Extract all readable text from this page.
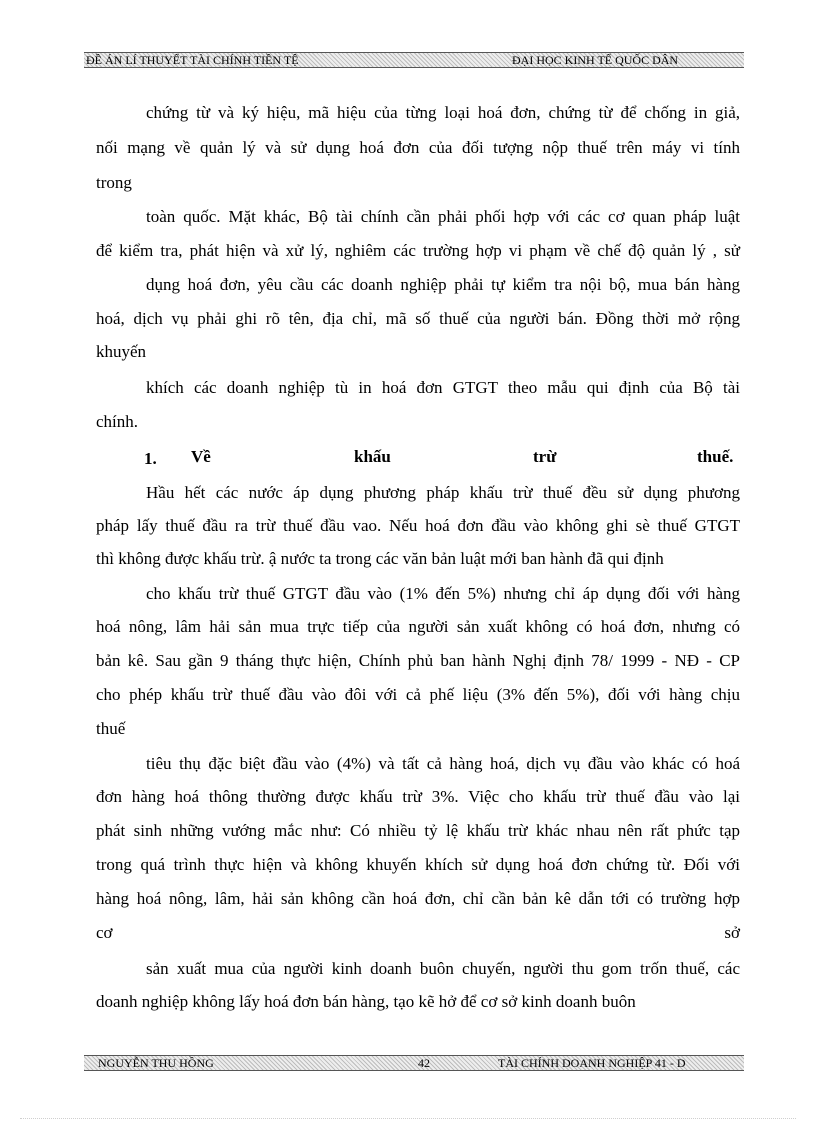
ĐỀ ÁN LÍ THUYẾT TÀI CHÍNH TIỀN TỆ	ĐẠI HỌC KINH TẾ QUỐC DÂN
chứng từ và ký hiệu, mã hiệu của từng loại hoá đơn, chứng từ để chống in giả,
nối mạng về quản lý và sử dụng hoá đơn của đối tượng nộp thuế trên máy vi tính
trong
toàn quốc. Mặt khác, Bộ tài chính cần phải phối hợp với các cơ quan pháp luật
để kiểm tra, phát hiện và xử lý, nghiêm các trường hợp vi phạm về chế độ quản lý , sử
dụng hoá đơn, yêu cầu các doanh nghiệp phải tự kiểm tra nội bộ, mua bán hàng
hoá, dịch vụ phải ghi rõ tên, địa chỉ, mã số thuế của người bán. Đồng thời mở rộng
khuyến
khích các doanh nghiệp tù in hoá đơn GTGT theo mẫu qui định của Bộ tài
chính.
1. Về	khấu	trừ	thuế.
Hầu hết các nước áp dụng phương pháp khấu trừ thuế đều sử dụng phương
pháp lấy thuế đầu ra trừ thuế đầu vao. Nếu hoá đơn đầu vào không ghi sè thuế GTGT
thì không được khấu trừ. ậ nước ta trong các văn bản luật mới ban hành đã qui định
cho khấu trừ thuế GTGT đầu vào (1% đến 5%) nhưng chỉ áp dụng đối với hàng
hoá nông, lâm hải sản mua trực tiếp của người sản xuất không có hoá đơn, nhưng có
bản kê. Sau gần 9 tháng thực hiện, Chính phủ ban hành Nghị định 78/ 1999 - NĐ - CP
cho phép khấu trừ thuế đầu vào đôi với cả phế liệu (3% đến 5%), đối với hàng chịu
thuế
tiêu thụ đặc biệt đầu vào (4%) và tất cả hàng hoá, dịch vụ đầu vào khác có hoá
đơn hàng hoá thông thường được khấu trừ 3%. Việc cho khấu trừ thuế đầu vào lại
phát sinh những vướng mắc như: Có nhiều tỷ lệ khấu trừ khác nhau nên rất phức tạp
trong quá trình thực hiện và không khuyến khích sử dụng hoá đơn chứng từ. Đối với
hàng hoá nông, lâm, hải sản không cần hoá đơn, chỉ cần bản kê dẫn tới có trường hợp
cơ	sở
sản xuất mua của người kinh doanh buôn chuyến, người thu gom trốn thuế, các
doanh nghiệp không lấy hoá đơn bán hàng, tạo kẽ hở để cơ sở kinh doanh buôn
NGUYỄN THU HỒNG	42	TÀI CHÍNH DOANH NGHIỆP 41 - D
